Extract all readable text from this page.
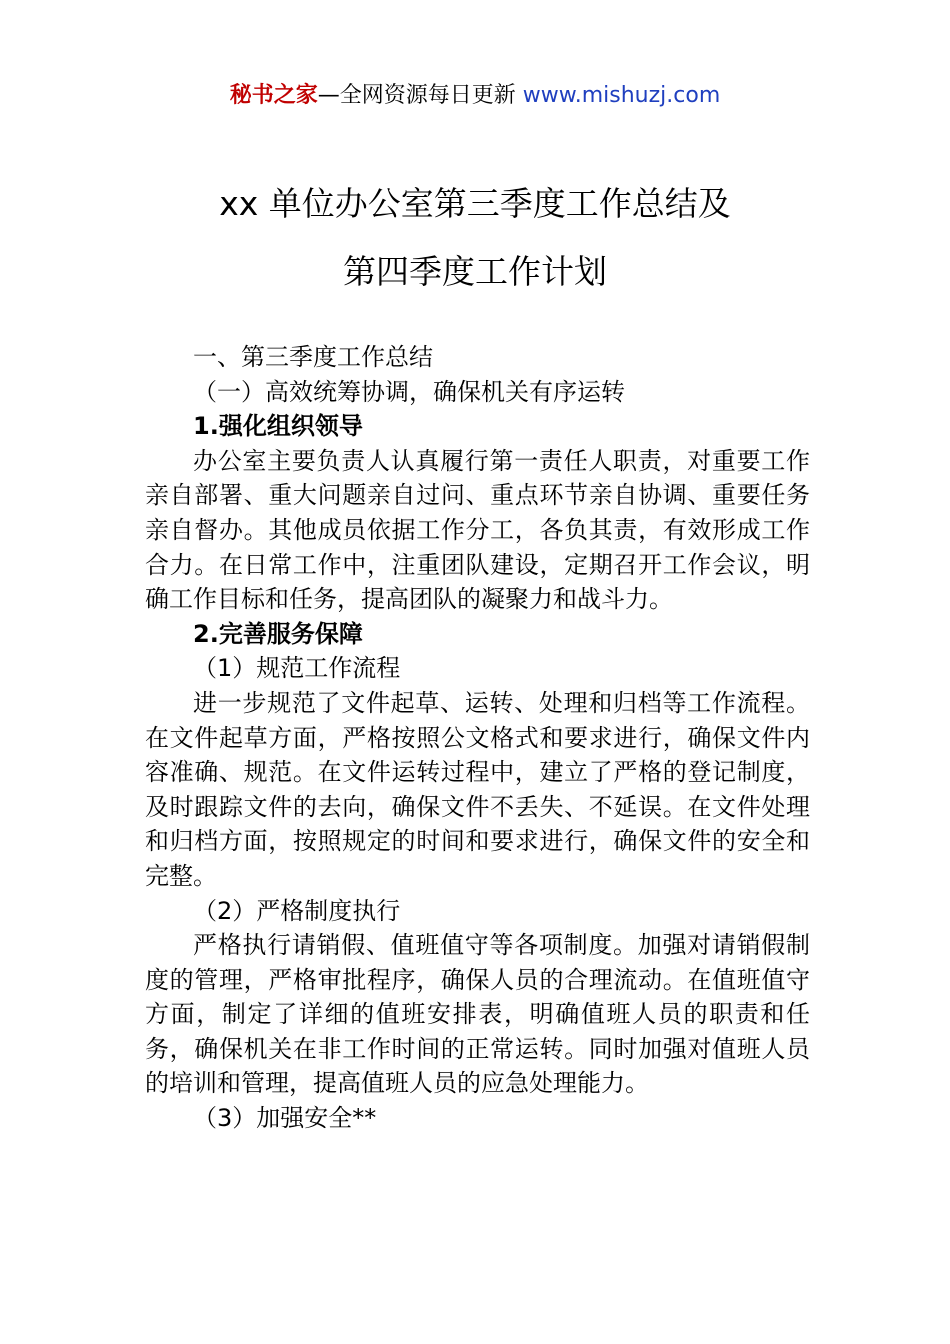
秘书之家—全网资源每日更新 www.mishuzj.com
xx 单位办公室第三季度工作总结及
第四季度工作计划

一、第三季度工作总结

（一）高效统筹协调，确保机关有序运转

1.强化组织领导

办公室主要负责人认真履行第一责任人职责，对重要工作亲自部署、重大问题亲自过问、重点环节亲自协调、重要任务亲自督办。其他成员依据工作分工，各负其责，有效形成工作合力。在日常工作中，注重团队建设，定期召开工作会议，明确工作目标和任务，提高团队的凝聚力和战斗力。

2.完善服务保障

（1）规范工作流程

进一步规范了文件起草、运转、处理和归档等工作流程。在文件起草方面，严格按照公文格式和要求进行，确保文件内容准确、规范。在文件运转过程中，建立了严格的登记制度，及时跟踪文件的去向，确保文件不丢失、不延误。在文件处理和归档方面，按照规定的时间和要求进行，确保文件的安全和完整。

（2）严格制度执行

严格执行请销假、值班值守等各项制度。加强对请销假制度的管理，严格审批程序，确保人员的合理流动。在值班值守方面，制定了详细的值班安排表，明确值班人员的职责和任务，确保机关在非工作时间的正常运转。同时加强对值班人员的培训和管理，提高值班人员的应急处理能力。

（3）加强安全**
